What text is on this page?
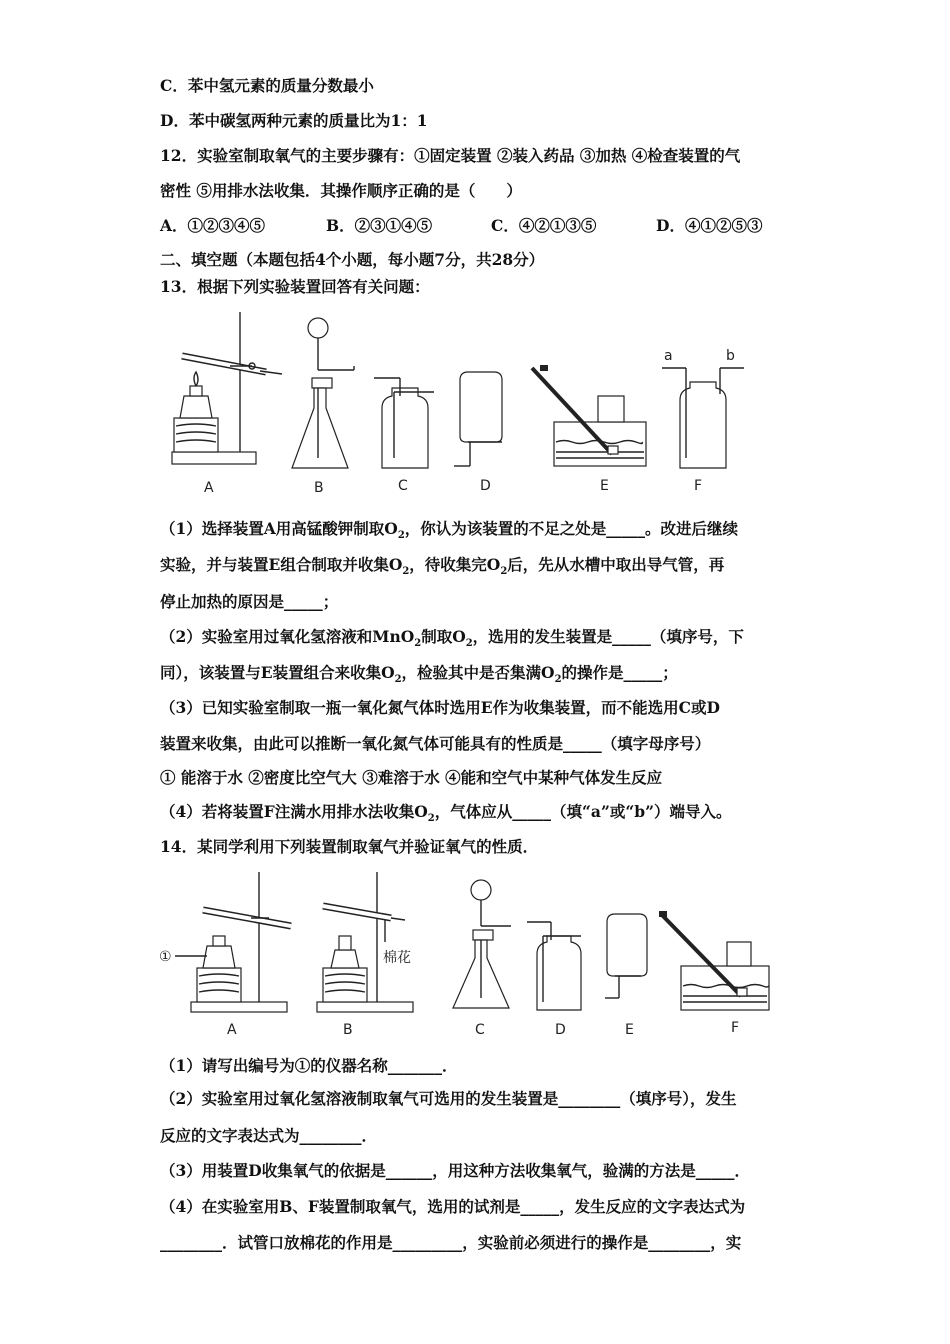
C．苯中氢元素的质量分数最小
D．苯中碳氢两种元素的质量比为1：1
12．实验室制取氧气的主要步骤有：①固定装置 ②装入药品 ③加热 ④检查装置的气
密性 ⑤用排水法收集．其操作顺序正确的是（　　）
A．①②③④⑤	B．②③①④⑤	C．④②①③⑤	D．④①②⑤③
二、填空题（本题包括4个小题，每小题7分，共28分）
13．根据下列实验装置回答有关问题：
a	b
A	B	C	D	E	F
（1）选择装置A用高锰酸钾制取$O_2$，你认为该装置的不足之处是_____。改进后继续
实验，并与装置E组合制取并收集$O_2$，待收集完$O_2$后，先从水槽中取出导气管，再
停止加热的原因是_____；
（2）实验室用过氧化氢溶液和MnO$_2$制取$O_2$，选用的发生装置是_____（填序号，下
同），该装置与E装置组合来收集$O_2$，检验其中是否集满$O_2$的操作是_____；
（3）已知实验室制取一瓶一氧化氮气体时选用E作为收集装置，而不能选用C或D
装置来收集，由此可以推断一氧化氮气体可能具有的性质是_____（填字母序号）
① 能溶于水 ②密度比空气大 ③难溶于水 ④能和空气中某种气体发生反应
（4）若将装置F注满水用排水法收集$O_2$，气体应从_____（填“a”或“b”）端导入。
14．某同学利用下列装置制取氧气并验证氧气的性质．
①	棉花
A	B	C	D	E	F
（1）请写出编号为①的仪器名称_______．
（2）实验室用过氧化氢溶液制取氧气可选用的发生装置是________（填序号），发生
反应的文字表达式为________．
（3）用装置D收集氧气的依据是______，用这种方法收集氧气，验满的方法是_____．
（4）在实验室用B、F装置制取氧气，选用的试剂是_____，发生反应的文字表达式为
________．试管口放棉花的作用是_________，实验前必须进行的操作是________，实
